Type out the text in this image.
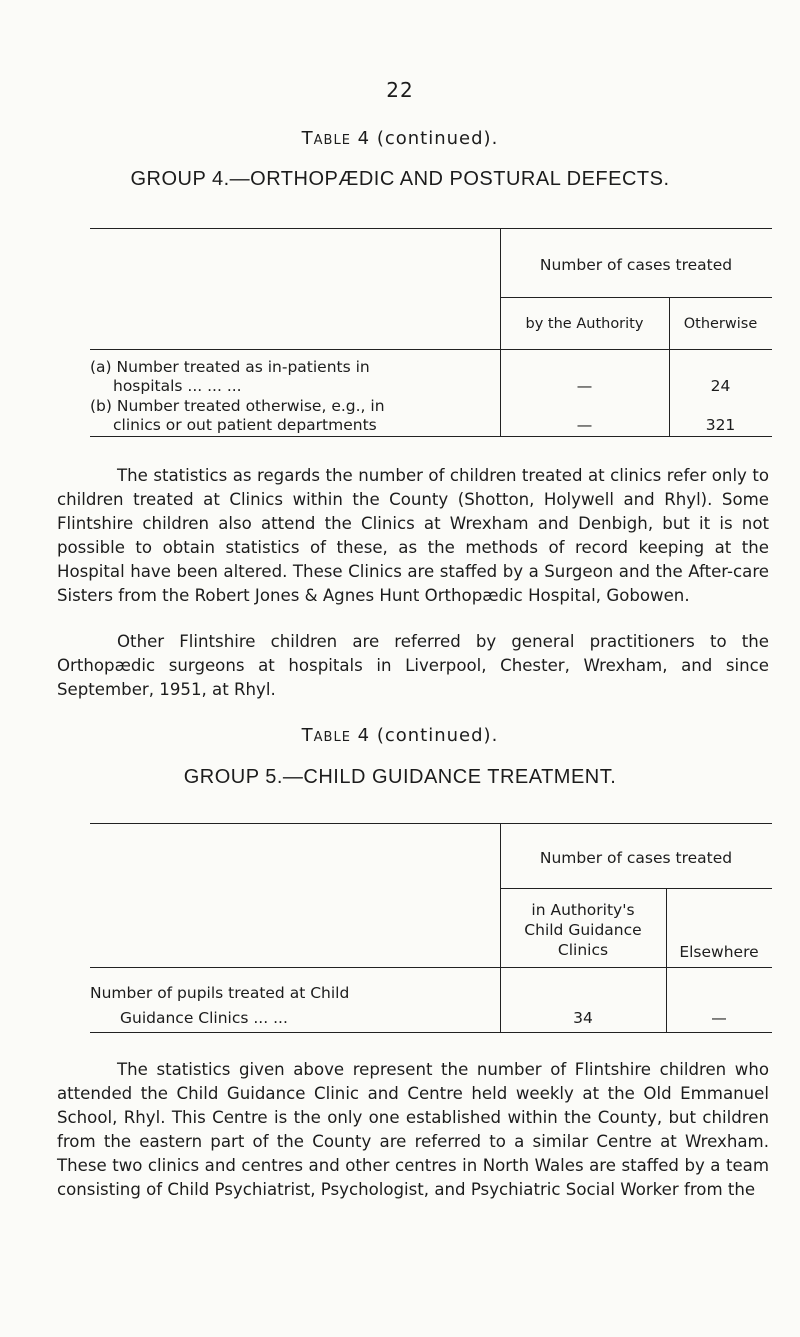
22
Table 4 (continued).
GROUP 4.—ORTHOPÆDIC AND POSTURAL DEFECTS.
Number of cases treated
by the Authority	Otherwise
(a) Number treated as in-patients in
hospitals ... ... ...	—	24
(b) Number treated otherwise, e.g., in
clinics or out patient departments	—	321
The statistics as regards the number of children treated at clinics refer only to children treated at Clinics within the County (Shotton, Holywell and Rhyl). Some Flintshire children also attend the Clinics at Wrexham and Denbigh, but it is not possible to obtain statistics of these, as the methods of record keeping at the Hospital have been altered. These Clinics are staffed by a Surgeon and the After-care Sisters from the Robert Jones & Agnes Hunt Orthopædic Hospital, Gobowen.
Other Flintshire children are referred by general practitioners to the Orthopædic surgeons at hospitals in Liverpool, Chester, Wrexham, and since September, 1951, at Rhyl.
Table 4 (continued).
GROUP 5.—CHILD GUIDANCE TREATMENT.
Number of cases treated
in Authority's
Child Guidance
Clinics	Elsewhere
Number of pupils treated at Child
Guidance Clinics ... ...	34	—
The statistics given above represent the number of Flintshire children who attended the Child Guidance Clinic and Centre held weekly at the Old Emmanuel School, Rhyl. This Centre is the only one established within the County, but children from the eastern part of the County are referred to a similar Centre at Wrexham. These two clinics and centres and other centres in North Wales are staffed by a team consisting of Child Psychiatrist, Psychologist, and Psychiatric Social Worker from the
